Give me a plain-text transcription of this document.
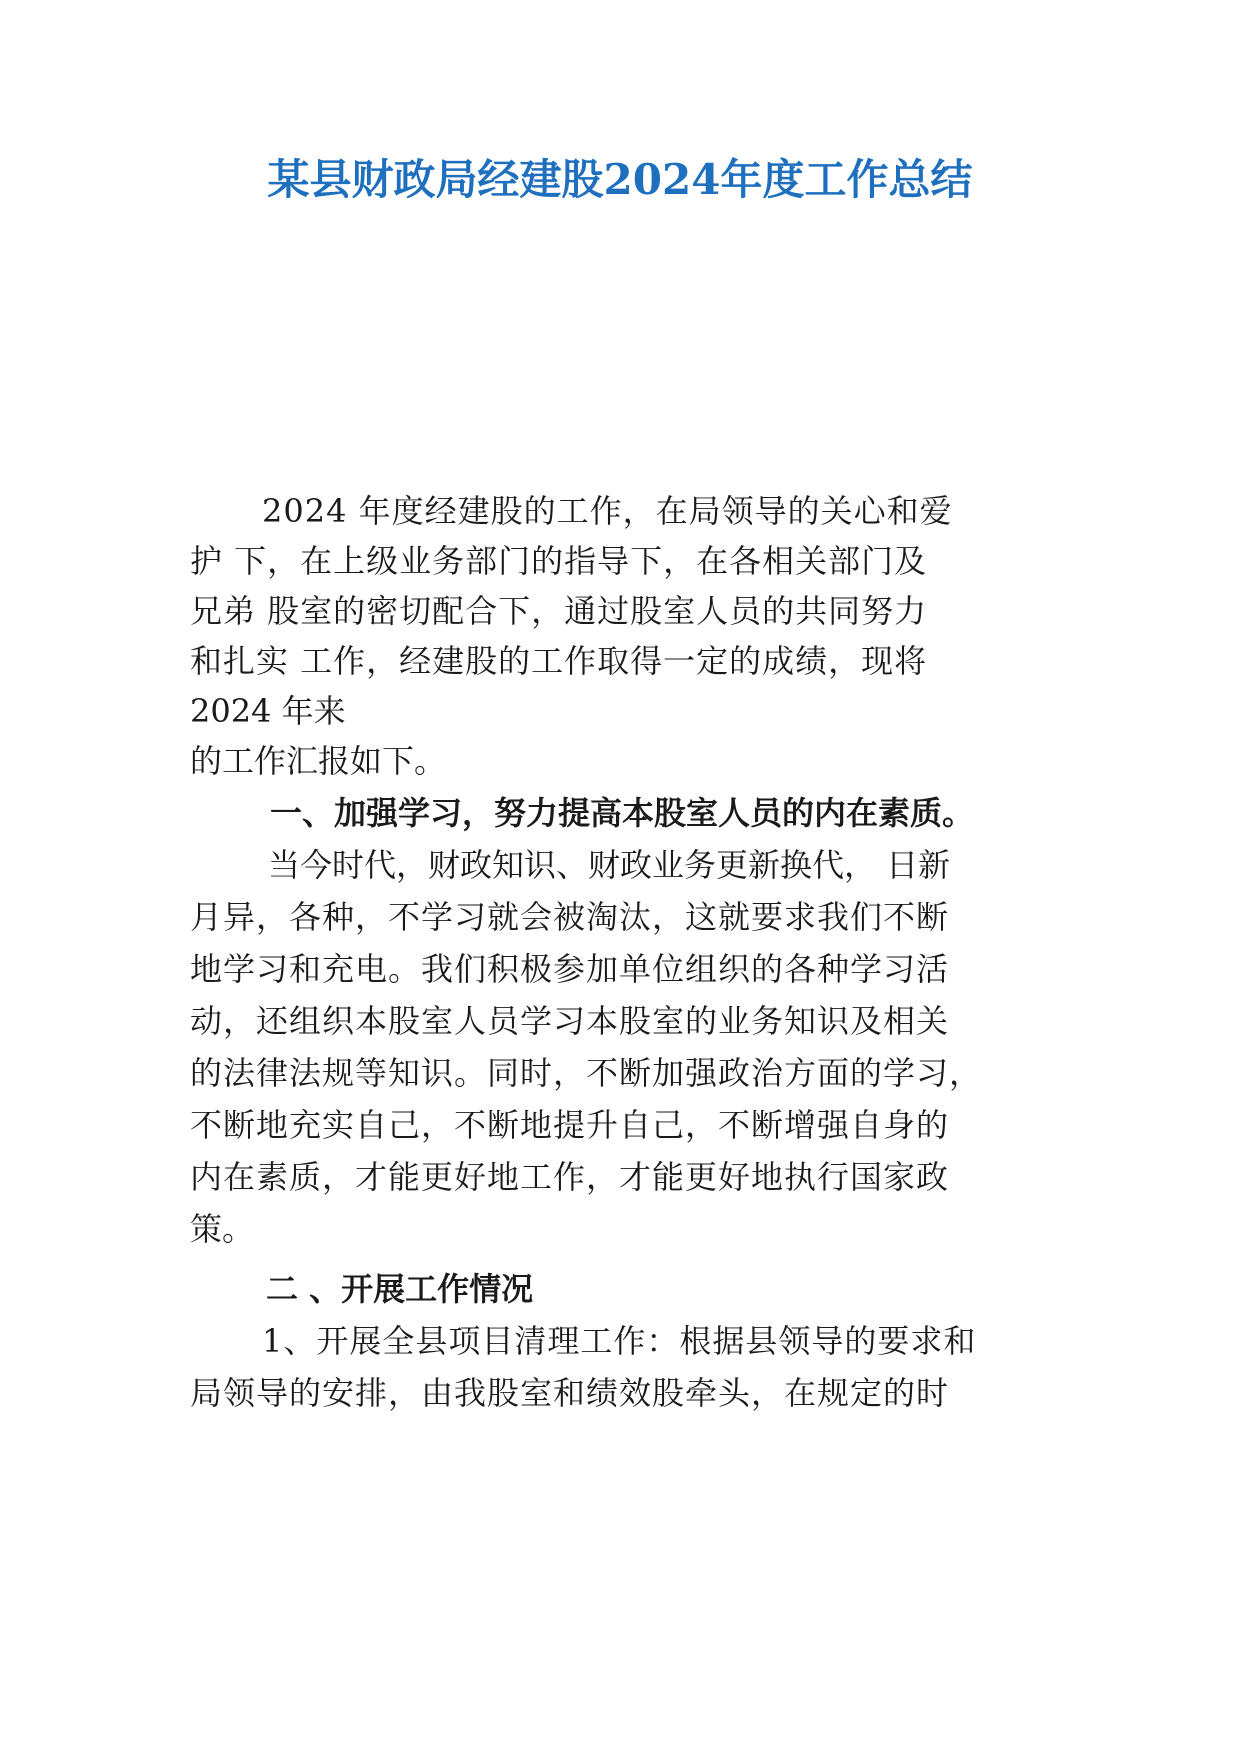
某县财政局经建股2024年度工作总结
2024 年度经建股的工作，在局领导的关心和爱
护 下，在上级业务部门的指导下，在各相关部门及
兄弟 股室的密切配合下，通过股室人员的共同努力
和扎实 工作，经建股的工作取得一定的成绩，现将
2024 年来
的工作汇报如下。
一、加强学习，努力提高本股室人员的内在素质。
当今时代，财政知识、财政业务更新换代， 日新
月异，各种，不学习就会被淘汰，这就要求我们不断
地学习和充电。我们积极参加单位组织的各种学习活
动，还组织本股室人员学习本股室的业务知识及相关
的法律法规等知识。同时，不断加强政治方面的学习，
不断地充实自己，不断地提升自己，不断增强自身的
内在素质，才能更好地工作，才能更好地执行国家政
策。
二 、开展工作情况
1、开展全县项目清理工作：根据县领导的要求和
局领导的安排，由我股室和绩效股牵头，在规定的时
